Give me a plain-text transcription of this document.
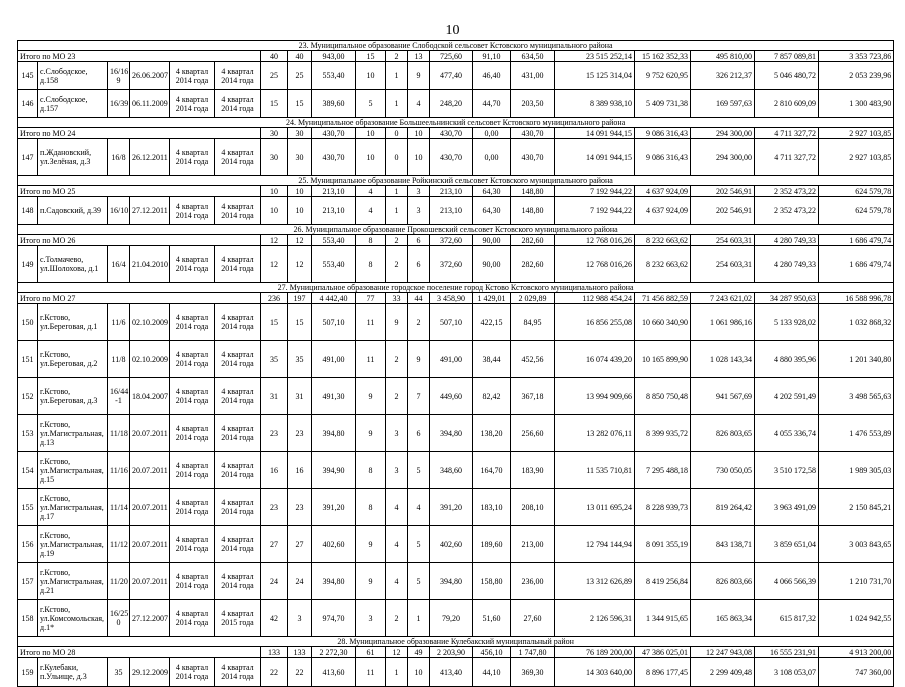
10
23. Муниципальное образование Слободской сельсовет Кстовского муниципального района																			
Итого по МО 23						40	40	943,00	15	2	13	725,60	91,10	634,50	23 515 252,14	15 162 352,33	495 810,00	7 857 089,81	3 353 723,86
145	с.Слободское, д.158	16/16 9	26.06.2007	4 квартал 2014 года	4 квартал 2014 года	25	25	553,40	10	1	9	477,40	46,40	431,00	15 125 314,04	9 752 620,95	326 212,37	5 046 480,72	2 053 239,96
146	с.Слободское, д.157	16/39	06.11.2009	4 квартал 2014 года	4 квартал 2014 года	15	15	389,60	5	1	4	248,20	44,70	203,50	8 389 938,10	5 409 731,38	169 597,63	2 810 609,09	1 300 483,90
24. Муниципальное образование Большеельнинский сельсовет Кстовского муниципального района																			
Итого по МО 24						30	30	430,70	10	0	10	430,70	0,00	430,70	14 091 944,15	9 086 316,43	294 300,00	4 711 327,72	2 927 103,85
147	п.Ждановский, ул.Зелёная, д.3	16/8	26.12.2011	4 квартал 2014 года	4 квартал 2014 года	30	30	430,70	10	0	10	430,70	0,00	430,70	14 091 944,15	9 086 316,43	294 300,00	4 711 327,72	2 927 103,85
25. Муниципальное образование Ройкинский сельсовет Кстовского муниципального района																			
Итого по МО 25						10	10	213,10	4	1	3	213,10	64,30	148,80	7 192 944,22	4 637 924,09	202 546,91	2 352 473,22	624 579,78
148	п.Садовский, д.39	16/10	27.12.2011	4 квартал 2014 года	4 квартал 2014 года	10	10	213,10	4	1	3	213,10	64,30	148,80	7 192 944,22	4 637 924,09	202 546,91	2 352 473,22	624 579,78
26. Муниципальное образование Прокошевский сельсовет Кстовского муниципального района																			
Итого по МО 26						12	12	553,40	8	2	6	372,60	90,00	282,60	12 768 016,26	8 232 663,62	254 603,31	4 280 749,33	1 686 479,74
149	с.Толмачево, ул.Шолохова, д.1	16/4	21.04.2010	4 квартал 2014 года	4 квартал 2014 года	12	12	553,40	8	2	6	372,60	90,00	282,60	12 768 016,26	8 232 663,62	254 603,31	4 280 749,33	1 686 479,74
27. Муниципальное образование городское поселение город Кстово Кстовского муниципального района																			
Итого по МО 27						236	197	4 442,40	77	33	44	3 458,90	1 429,01	2 029,89	112 988 454,24	71 456 882,59	7 243 621,02	34 287 950,63	16 588 996,78
150	г.Кстово, ул.Береговая, д.1	11/6	02.10.2009	4 квартал 2014 года	4 квартал 2014 года	15	15	507,10	11	9	2	507,10	422,15	84,95	16 856 255,08	10 660 340,90	1 061 986,16	5 133 928,02	1 032 868,32
151	г.Кстово, ул.Береговая, д.2	11/8	02.10.2009	4 квартал 2014 года	4 квартал 2014 года	35	35	491,00	11	2	9	491,00	38,44	452,56	16 074 439,20	10 165 899,90	1 028 143,34	4 880 395,96	1 201 340,80
152	г.Кстово, ул.Береговая, д.3	16/44 -1	18.04.2007	4 квартал 2014 года	4 квартал 2014 года	31	31	491,30	9	2	7	449,60	82,42	367,18	13 994 909,66	8 850 750,48	941 567,69	4 202 591,49	3 498 565,63
153	г.Кстово, ул.Магистральная, д.13	11/18	20.07.2011	4 квартал 2014 года	4 квартал 2014 года	23	23	394,80	9	3	6	394,80	138,20	256,60	13 282 076,11	8 399 935,72	826 803,65	4 055 336,74	1 476 553,89
154	г.Кстово, ул.Магистральная, д.15	11/16	20.07.2011	4 квартал 2014 года	4 квартал 2014 года	16	16	394,90	8	3	5	348,60	164,70	183,90	11 535 710,81	7 295 488,18	730 050,05	3 510 172,58	1 989 305,03
155	г.Кстово, ул.Магистральная, д.17	11/14	20.07.2011	4 квартал 2014 года	4 квартал 2014 года	23	23	391,20	8	4	4	391,20	183,10	208,10	13 011 695,24	8 228 939,73	819 264,42	3 963 491,09	2 150 845,21
156	г.Кстово, ул.Магистральная, д.19	11/12	20.07.2011	4 квартал 2014 года	4 квартал 2014 года	27	27	402,60	9	4	5	402,60	189,60	213,00	12 794 144,94	8 091 355,19	843 138,71	3 859 651,04	3 003 843,65
157	г.Кстово, ул.Магистральная, д.21	11/20	20.07.2011	4 квартал 2014 года	4 квартал 2014 года	24	24	394,80	9	4	5	394,80	158,80	236,00	13 312 626,89	8 419 256,84	826 803,66	4 066 566,39	1 210 731,70
158	г.Кстово, ул.Комсомольская, д.1*	16/25 0	27.12.2007	4 квартал 2014 года	4 квартал 2015 года	42	3	974,70	3	2	1	79,20	51,60	27,60	2 126 596,31	1 344 915,65	165 863,34	615 817,32	1 024 942,55
28. Муниципальное образование Кулебакский муниципальный район																			
Итого по МО 28						133	133	2 272,30	61	12	49	2 203,90	456,10	1 747,80	76 189 200,00	47 386 025,01	12 247 943,08	16 555 231,91	4 913 200,00
159	г.Кулебаки, п.Ульище, д.3	35	29.12.2009	4 квартал 2014 года	4 квартал 2014 года	22	22	413,60	11	1	10	413,40	44,10	369,30	14 303 640,00	8 896 177,45	2 299 409,48	3 108 053,07	747 360,00
